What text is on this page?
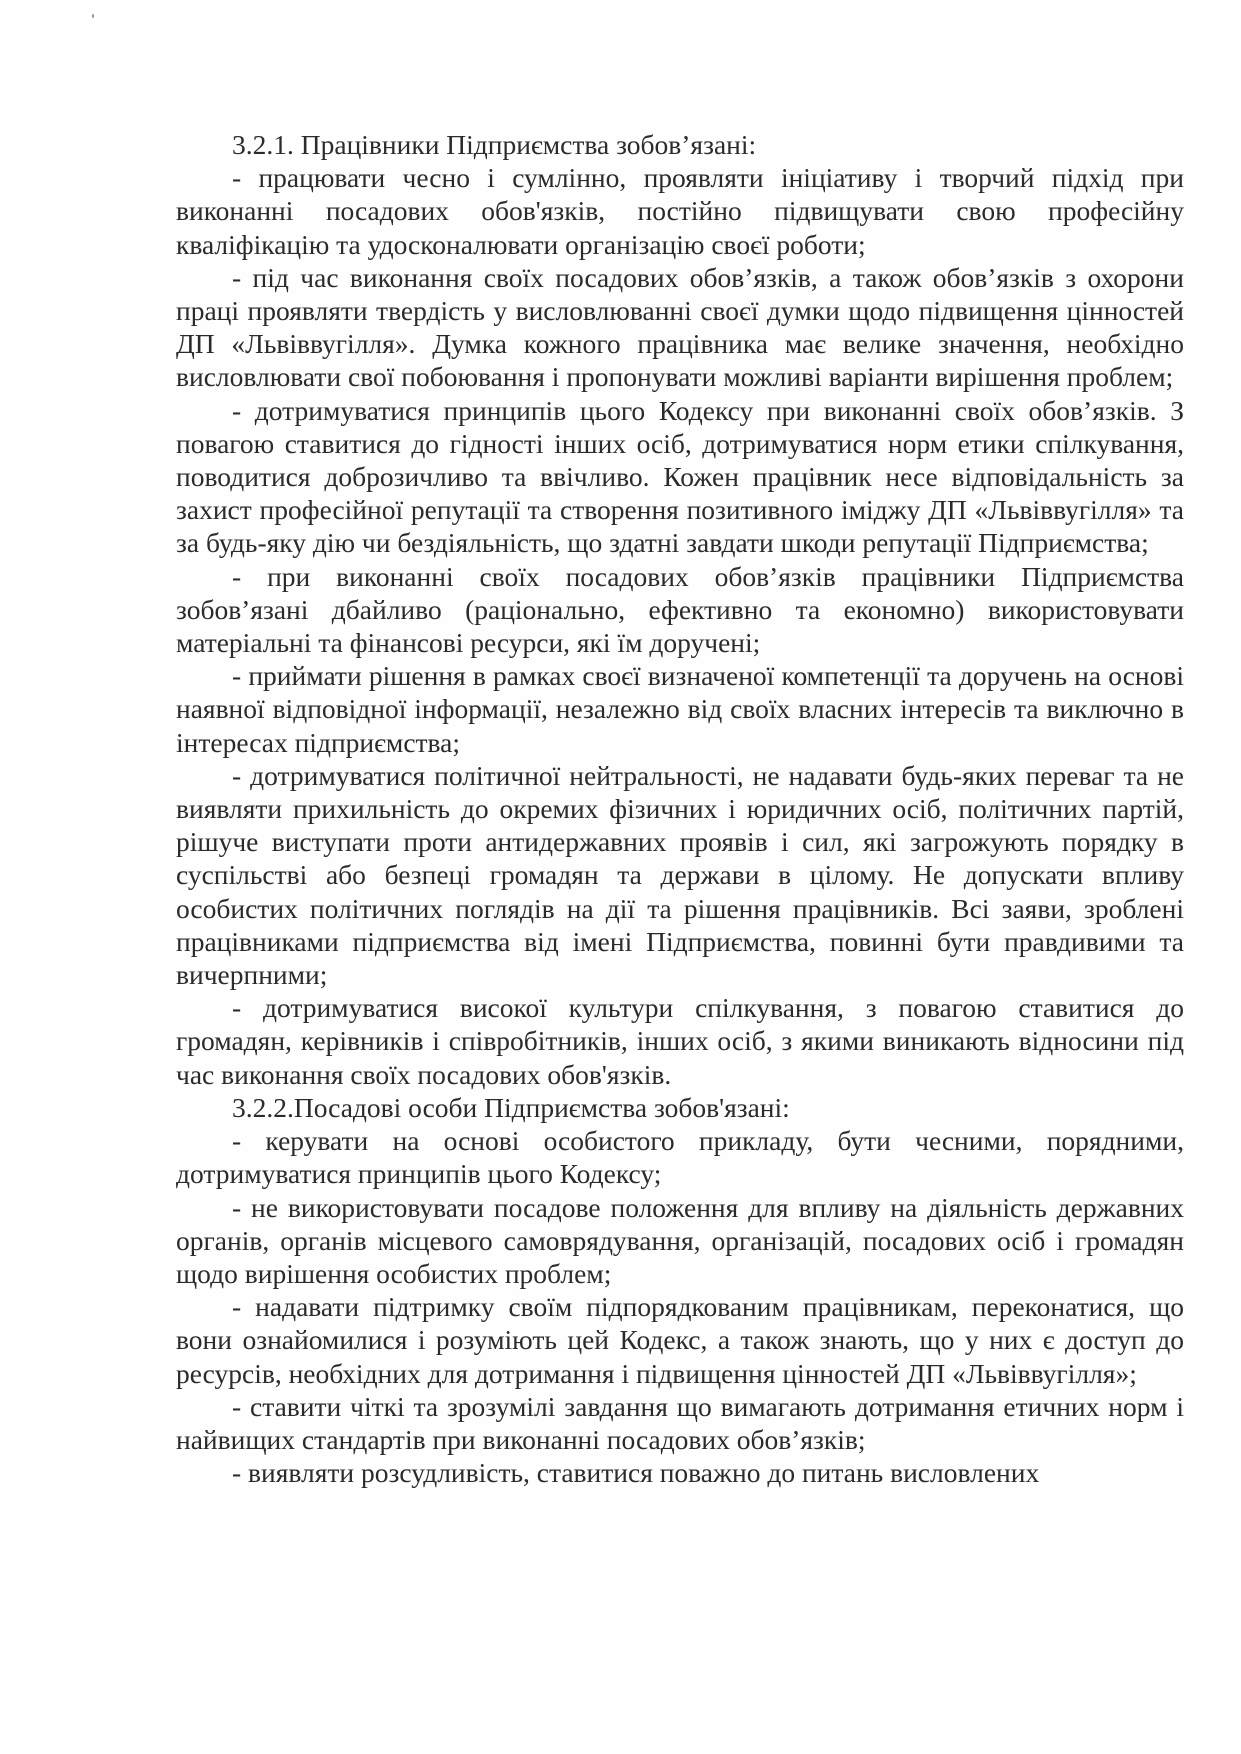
3.2.1. Працівники Підприємства зобов’язані:

- працювати чесно і сумлінно, проявляти ініціативу і творчий підхід при виконанні посадових обов'язків, постійно підвищувати свою професійну кваліфікацію та удосконалювати організацію своєї роботи;

- під час виконання своїх посадових обов’язків, а також обов’язків з охорони праці проявляти твердість у висловлюванні своєї думки щодо підвищення цінностей ДП «Львіввугілля». Думка кожного працівника має велике значення, необхідно висловлювати свої побоювання і пропонувати можливі варіанти вирішення проблем;

- дотримуватися принципів цього Кодексу при виконанні своїх обов’язків. З повагою ставитися до гідності інших осіб, дотримуватися норм етики спілкування, поводитися доброзичливо та ввічливо. Кожен працівник несе відповідальність за захист професійної репутації та створення позитивного іміджу ДП «Львіввугілля» та за будь-яку дію чи бездіяльність, що здатні завдати шкоди репутації Підприємства;

- при виконанні своїх посадових обов’язків працівники Підприємства зобов’язані дбайливо (раціонально, ефективно та економно) використовувати матеріальні та фінансові ресурси, які їм доручені;

- приймати рішення в рамках своєї визначеної компетенції та доручень на основі наявної відповідної інформації, незалежно від своїх власних інтересів та виключно в інтересах підприємства;

- дотримуватися політичної нейтральності, не надавати будь-яких переваг та не виявляти прихильність до окремих фізичних і юридичних осіб, політичних партій, рішуче виступати проти антидержавних проявів і сил, які загрожують порядку в суспільстві або безпеці громадян та держави в цілому. Не допускати впливу особистих політичних поглядів на дії та рішення працівників. Всі заяви, зроблені працівниками підприємства від імені Підприємства, повинні бути правдивими та вичерпними;

- дотримуватися високої культури спілкування, з повагою ставитися до громадян, керівників і співробітників, інших осіб, з якими виникають відносини під час виконання своїх посадових обов'язків.

3.2.2.Посадові особи Підприємства зобов'язані:

- керувати на основі особистого прикладу, бути чесними, порядними, дотримуватися принципів цього Кодексу;

- не використовувати посадове положення для впливу на діяльність державних органів, органів місцевого самоврядування, організацій, посадових осіб і громадян щодо вирішення особистих проблем;

- надавати підтримку своїм підпорядкованим працівникам, переконатися, що вони ознайомилися і розуміють цей Кодекс, а також знають, що у них є доступ до ресурсів, необхідних для дотримання і підвищення цінностей ДП «Львіввугілля»;

- ставити чіткі та зрозумілі завдання що вимагають дотримання етичних норм і найвищих стандартів при виконанні посадових обов’язків;

- виявляти розсудливість, ставитися поважно до питань висловлених
